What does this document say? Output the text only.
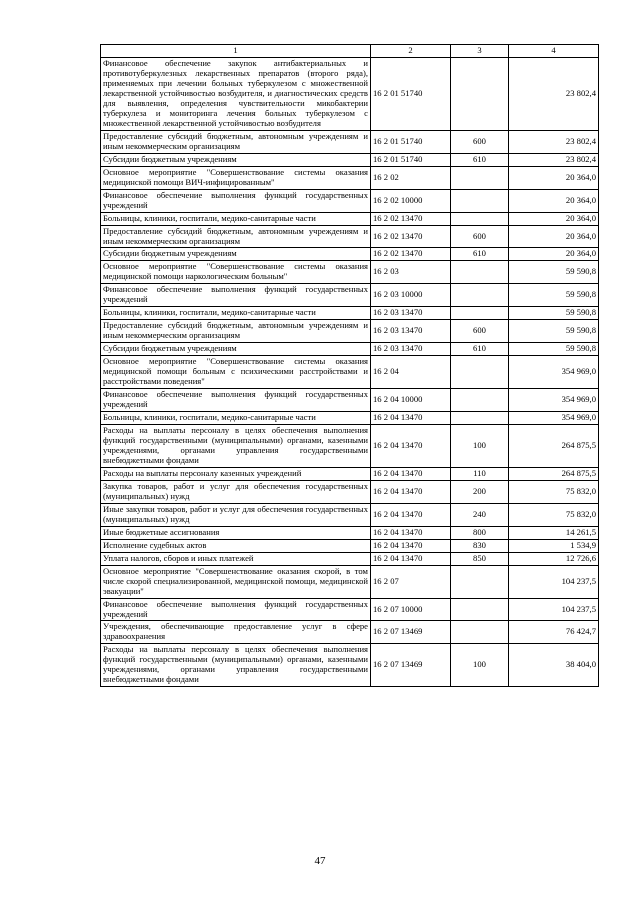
1	2	3	4
Финансовое обеспечение закупок антибактериальных и противотуберкулезных лекарственных препаратов (второго ряда), применяемых при лечении больных туберкулезом с множественной лекарственной устойчивостью возбудителя, и диагностических средств для выявления, определения чувствительности микобактерии туберкулеза и мониторинга лечения больных туберкулезом с множественной лекарственной устойчивостью возбудителя	16 2 01 51740		23 802,4
Предоставление субсидий бюджетным, автономным учреждениям и иным некоммерческим организациям	16 2 01 51740	600	23 802,4
Субсидии бюджетным учреждениям	16 2 01 51740	610	23 802,4
Основное мероприятие "Совершенствование системы оказания медицинской помощи ВИЧ-инфицированным"	16 2 02		20 364,0
Финансовое обеспечение выполнения функций государственных учреждений	16 2 02 10000		20 364,0
Больницы, клиники, госпитали, медико-санитарные части	16 2 02 13470		20 364,0
Предоставление субсидий бюджетным, автономным учреждениям и иным некоммерческим организациям	16 2 02 13470	600	20 364,0
Субсидии бюджетным учреждениям	16 2 02 13470	610	20 364,0
Основное мероприятие "Совершенствование системы оказания медицинской помощи наркологическим больным"	16 2 03		59 590,8
Финансовое обеспечение выполнения функций государственных учреждений	16 2 03 10000		59 590,8
Больницы, клиники, госпитали, медико-санитарные части	16 2 03 13470		59 590,8
Предоставление субсидий бюджетным, автономным учреждениям и иным некоммерческим организациям	16 2 03 13470	600	59 590,8
Субсидии бюджетным учреждениям	16 2 03 13470	610	59 590,8
Основное мероприятие "Совершенствование системы оказания медицинской помощи больным с психическими расстройствами и расстройствами поведения"	16 2 04		354 969,0
Финансовое обеспечение выполнения функций государственных учреждений	16 2 04 10000		354 969,0
Больницы, клиники, госпитали, медико-санитарные части	16 2 04 13470		354 969,0
Расходы на выплаты персоналу в целях обеспечения выполнения функций государственными (муниципальными) органами, казенными учреждениями, органами управления государственными внебюджетными фондами	16 2 04 13470	100	264 875,5
Расходы на выплаты персоналу казенных учреждений	16 2 04 13470	110	264 875,5
Закупка товаров, работ и услуг для обеспечения государственных (муниципальных) нужд	16 2 04 13470	200	75 832,0
Иные закупки товаров, работ и услуг для обеспечения государственных (муниципальных) нужд	16 2 04 13470	240	75 832,0
Иные бюджетные ассигнования	16 2 04 13470	800	14 261,5
Исполнение судебных актов	16 2 04 13470	830	1 534,9
Уплата налогов, сборов и иных платежей	16 2 04 13470	850	12 726,6
Основное мероприятие "Совершенствование оказания скорой, в том числе скорой специализированной, медицинской помощи, медицинской эвакуации"	16 2 07		104 237,5
Финансовое обеспечение выполнения функций государственных учреждений	16 2 07 10000		104 237,5
Учреждения, обеспечивающие предоставление услуг в сфере здравоохранения	16 2 07 13469		76 424,7
Расходы на выплаты персоналу в целях обеспечения выполнения функций государственными (муниципальными) органами, казенными учреждениями, органами управления государственными внебюджетными фондами	16 2 07 13469	100	38 404,0
47
